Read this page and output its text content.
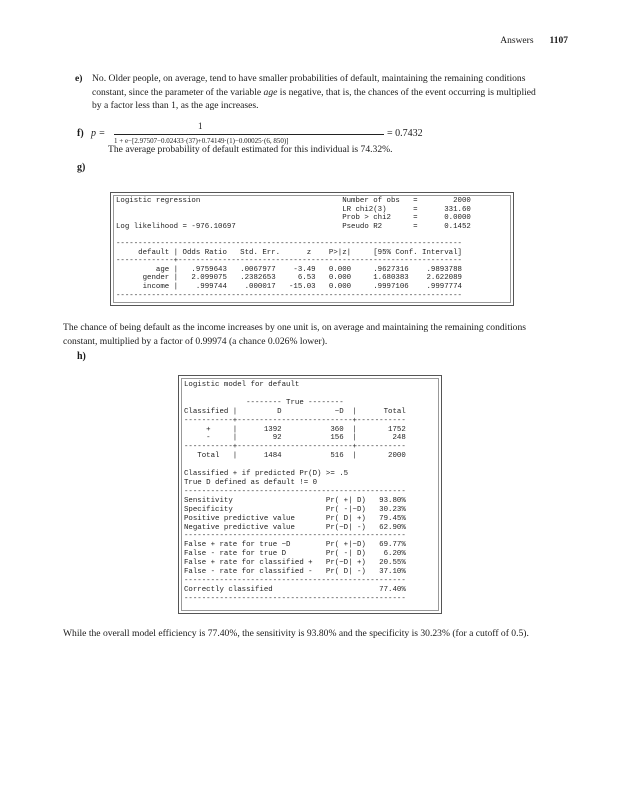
Answers 1107
e) No. Older people, on average, tend to have smaller probabilities of default, maintaining the remaining conditions
constant, since the parameter of the variable age is negative, that is, the chances of the event occurring is multiplied
by a factor less than 1, as the age increases.
f) p =
1
1 + e−[2.97507−0.02433·(37)+0.74149·(1)−0.00025·(6, 850)]
= 0.7432
The average probability of default estimated for this individual is 74.32%.
g)
Logistic regression                                Number of obs   =        2000
LR chi2(3)      =      331.60
Prob > chi2     =      0.0000
Log likelihood = -976.10697                        Pseudo R2       =      0.1452

------------------------------------------------------------------------------
default | Odds Ratio   Std. Err.      z    P>|z|     [95% Conf. Interval]
-------------+----------------------------------------------------------------
age |   .9759643   .0067977    -3.49   0.000     .9627316    .9893788
gender |   2.099075   .2382653     6.53   0.000     1.680383    2.622089
income |    .999744    .000017   -15.03   0.000     .9997106    .9997774
------------------------------------------------------------------------------
The chance of being default as the income increases by one unit is, on average and maintaining the remaining conditions
constant, multiplied by a factor of 0.99974 (a chance 0.026% lower).
h)
Logistic model for default

-------- True --------
Classified |         D            ~D  |      Total
-----------+--------------------------+-----------
+     |      1392           360  |       1752
-     |        92           156  |        248
-----------+--------------------------+-----------
Total   |      1484           516  |       2000

Classified + if predicted Pr(D) >= .5
True D defined as default != 0
--------------------------------------------------
Sensitivity                     Pr( +| D)   93.80%
Specificity                     Pr( -|~D)   30.23%
Positive predictive value       Pr( D| +)   79.45%
Negative predictive value       Pr(~D| -)   62.90%
--------------------------------------------------
False + rate for true ~D        Pr( +|~D)   69.77%
False - rate for true D         Pr( -| D)    6.20%
False + rate for classified +   Pr(~D| +)   20.55%
False - rate for classified -   Pr( D| -)   37.10%
--------------------------------------------------
Correctly classified                        77.40%
--------------------------------------------------
While the overall model efficiency is 77.40%, the sensitivity is 93.80% and the specificity is 30.23% (for a cutoff of 0.5).
